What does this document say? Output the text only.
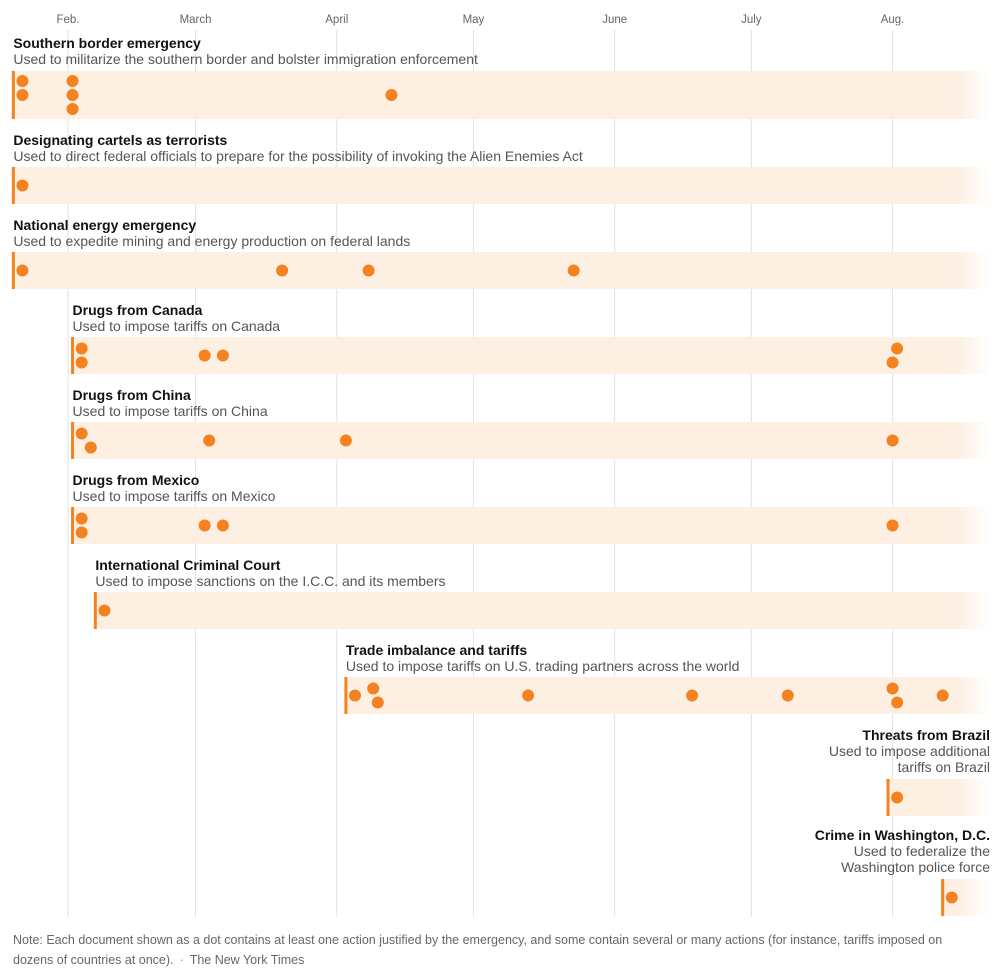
Feb.	March	April	May	June	July	Aug.
Southern border emergency
Used to militarize the southern border and bolster immigration enforcement
Designating cartels as terrorists
Used to direct federal officials to prepare for the possibility of invoking the Alien Enemies Act
National energy emergency
Used to expedite mining and energy production on federal lands
Drugs from Canada
Used to impose tariffs on Canada
Drugs from China
Used to impose tariffs on China
Drugs from Mexico
Used to impose tariffs on Mexico
International Criminal Court
Used to impose sanctions on the I.C.C. and its members
Trade imbalance and tariffs
Used to impose tariffs on U.S. trading partners across the world
Threats from Brazil
Used to impose additional
tariffs on Brazil
Crime in Washington, D.C.
Used to federalize the
Washington police force
Note: Each document shown as a dot contains at least one action justified by the emergency, and some contain several or many actions (for instance, tariffs imposed on dozens of countries at once). · The New York Times
